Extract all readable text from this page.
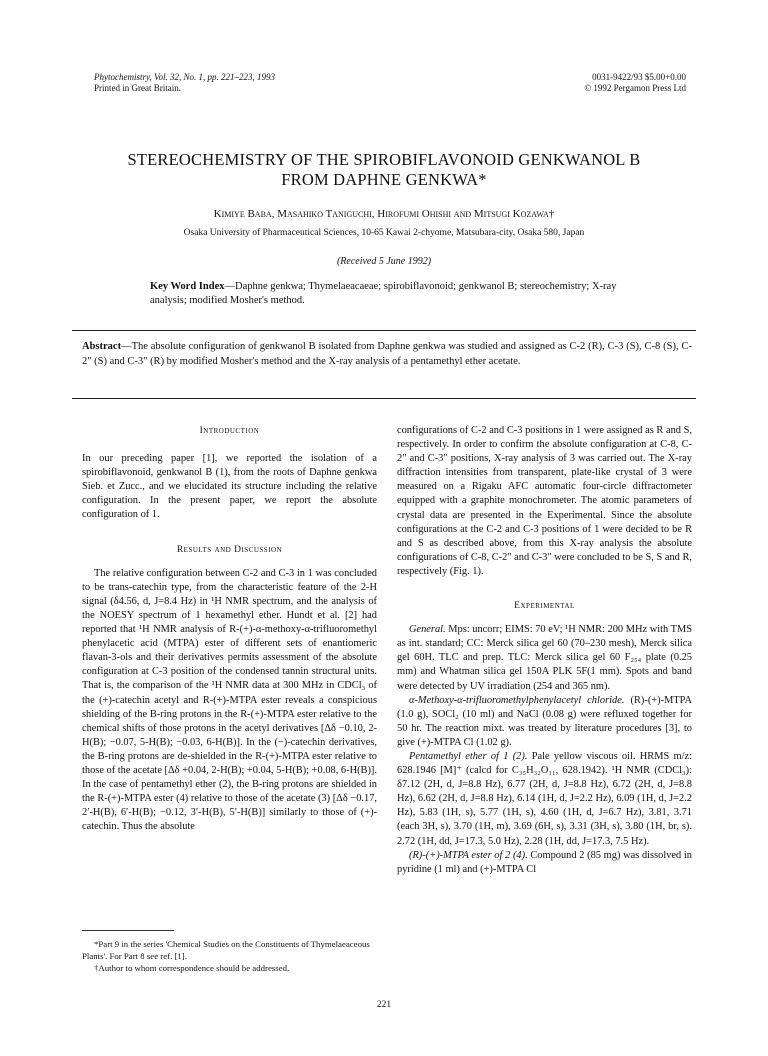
Phytochemistry, Vol. 32, No. 1, pp. 221–223, 1993
Printed in Great Britain.
0031-9422/93 $5.00+0.00
© 1992 Pergamon Press Ltd
STEREOCHEMISTRY OF THE SPIROBIFLAVONOID GENKWANOL B
FROM DAPHNE GENKWA*
Kimiye Baba, Masahiko Taniguchi, Hirofumi Ohishi and Mitsugi Kozawa†
Osaka University of Pharmaceutical Sciences, 10-65 Kawai 2-chyome, Matsubara-city, Osaka 580, Japan
(Received 5 June 1992)
Key Word Index—Daphne genkwa; Thymelaeacaeae; spirobiflavonoid; genkwanol B; stereochemistry; X-ray analysis; modified Mosher's method.
Abstract—The absolute configuration of genkwanol B isolated from Daphne genkwa was studied and assigned as C-2 (R), C-3 (S), C-8 (S), C-2" (S) and C-3" (R) by modified Mosher's method and the X-ray analysis of a pentamethyl ether acetate.
Introduction

In our preceding paper [1], we reported the isolation of a spirobiflavonoid, genkwanol B (1), from the roots of Daphne genkwa Sieb. et Zucc., and we elucidated its structure including the relative configuration. In the present paper, we report the absolute configuration of 1.

Results and Discussion

The relative configuration between C-2 and C-3 in 1 was concluded to be trans-catechin type, from the characteristic feature of the 2-H signal (δ4.56, d, J=8.4 Hz) in ¹H NMR spectrum, and the analysis of the NOESY spectrum of 1 hexamethyl ether. Hundt et al. [2] had reported that ¹H NMR analysis of R-(+)-α-methoxy-α-trifluoromethyl phenylacetic acid (MTPA) ester of different sets of enantiomeric flavan-3-ols and their derivatives permits assessment of the absolute configuration at C-3 position of the condensed tannin structural units. That is, the comparison of the ¹H NMR data at 300 MHz in CDCl₃ of the (+)-catechin acetyl and R-(+)-MTPA ester reveals a conspicious shielding of the B-ring protons in the R-(+)-MTPA ester relative to the chemical shifts of those protons in the acetyl derivatives [Δδ −0.10, 2-H(B); −0.07, 5-H(B); −0.03, 6-H(B)]. In the (−)-catechin derivatives, the B-ring protons are de-shielded in the R-(+)-MTPA ester relative to those of the acetate [Δδ +0.04, 2-H(B); +0.04, 5-H(B); +0.08, 6-H(B)]. In the case of pentamethyl ether (2), the B-ring protons are shielded in the R-(+)-MTPA ester (4) relative to those of the acetate (3) [Δδ −0.17, 2′-H(B), 6′-H(B); −0.12, 3′-H(B), 5′-H(B)] similarly to those of (+)-catechin. Thus the absolute

*Part 9 in the series 'Chemical Studies on the Constituents of Thymelaeaceous Plants'. For Part 8 see ref. [1].

†Author to whom correspondence should be addressed.

configurations of C-2 and C-3 positions in 1 were assigned as R and S, respectively. In order to confirm the absolute configuration at C-8, C-2" and C-3" positions, X-ray analysis of 3 was carried out. The X-ray diffraction intensities from transparent, plate-like crystal of 3 were measured on a Rigaku AFC automatic four-circle diffractometer equipped with a graphite monochrometer. The atomic parameters of crystal data are presented in the Experimental. Since the absolute configurations at the C-2 and C-3 positions of 1 were decided to be R and S as described above, from this X-ray analysis the absolute configurations of C-8, C-2" and C-3" were concluded to be S, S and R, respectively (Fig. 1).

Experimental

General. Mps: uncorr; EIMS: 70 eV; ¹H NMR: 200 MHz with TMS as int. standard; CC: Merck silica gel 60 (70–230 mesh), Merck silica gel 60H. TLC and prep. TLC: Merck silica gel 60 F₂₅₄ plate (0.25 mm) and Whatman silica gel 150A PLK 5F(1 mm). Spots and band were detected by UV irradiation (254 and 365 nm).

α-Methoxy-α-trifluoromethylphenylacetyl chloride. (R)-(+)-MTPA (1.0 g), SOCl₂ (10 ml) and NaCl (0.08 g) were refluxed together for 50 hr. The reaction mixt. was treated by literature procedures [3], to give (+)-MTPA Cl (1.02 g).

Pentamethyl ether of 1 (2). Pale yellow viscous oil. HRMS m/z: 628.1946 [M]⁺ (calcd for C₃₅H₃₂O₁₁, 628.1942). ¹H NMR (CDCl₃): δ7.12 (2H, d, J=8.8 Hz), 6.77 (2H, d, J=8.8 Hz), 6.72 (2H, d, J=8.8 Hz), 6.62 (2H, d, J=8.8 Hz), 6.14 (1H, d, J=2.2 Hz), 6.09 (1H, d, J=2.2 Hz), 5.83 (1H, s), 5.77 (1H, s), 4.60 (1H, d, J=6.7 Hz), 3.81, 3.71 (each 3H, s), 3.70 (1H, m), 3.69 (6H, s), 3.31 (3H, s), 3.80 (1H, br, s). 2.72 (1H, dd, J=17.3, 5.0 Hz), 2.28 (1H, dd, J=17.3, 7.5 Hz).

(R)-(+)-MTPA ester of 2 (4). Compound 2 (85 mg) was dissolved in pyridine (1 ml) and (+)-MTPA Cl

221
